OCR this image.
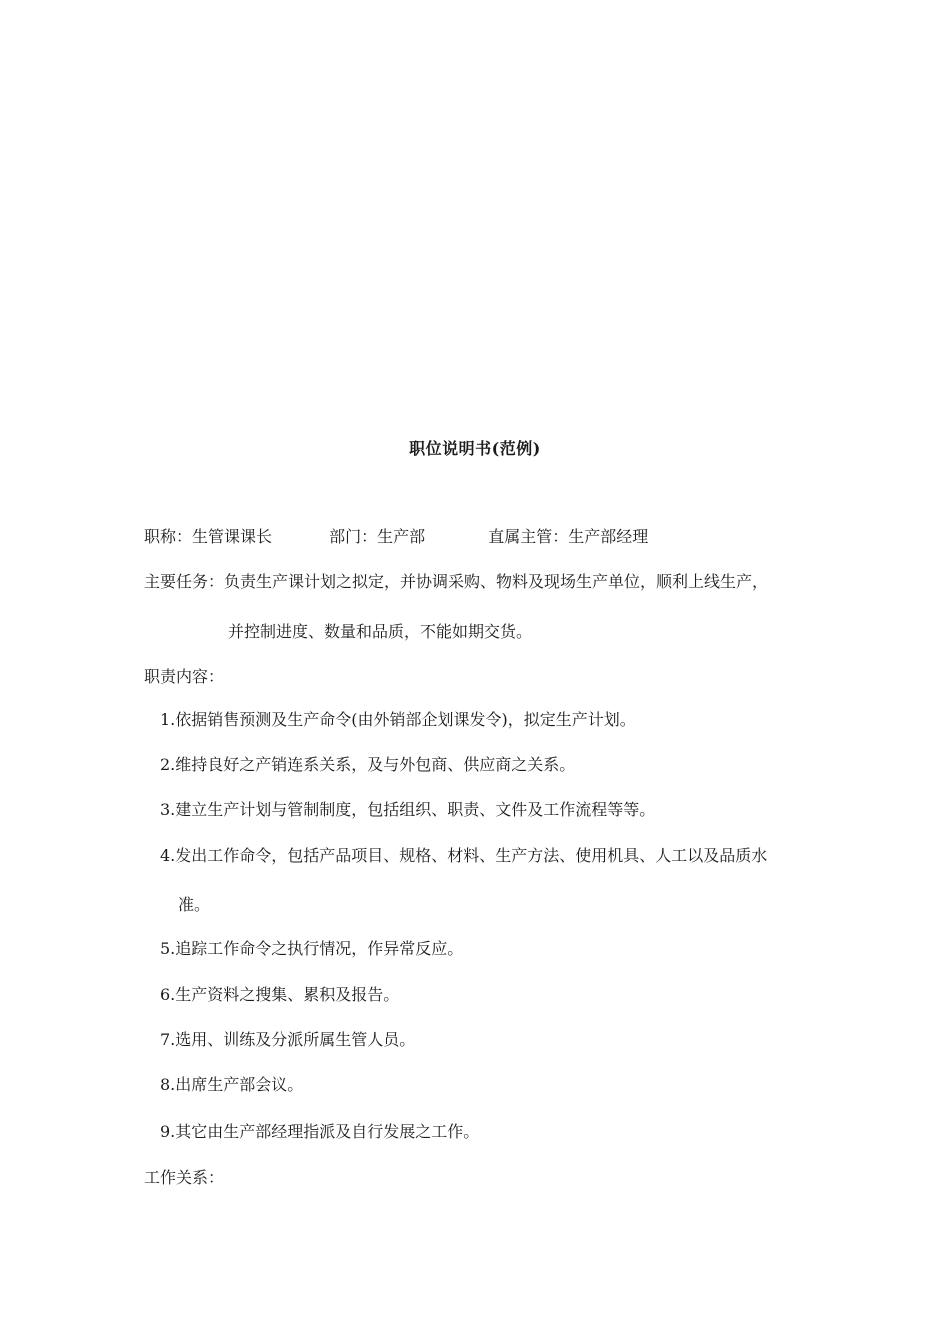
职位说明书(范例)
职称：生管课课长	部门：生产部	直属主管：生产部经理
主要任务：负责生产课计划之拟定，并协调采购、物料及现场生产单位，顺利上线生产，
并控制进度、数量和品质，不能如期交货。
职责内容：
1.依据销售预测及生产命令(由外销部企划课发令)，拟定生产计划。
2.维持良好之产销连系关系，及与外包商、供应商之关系。
3.建立生产计划与管制制度，包括组织、职责、文件及工作流程等等。
4.发出工作命令，包括产品项目、规格、材料、生产方法、使用机具、人工以及品质水
准。
5.追踪工作命令之执行情况，作异常反应。
6.生产资料之搜集、累积及报告。
7.选用、训练及分派所属生管人员。
8.出席生产部会议。
9.其它由生产部经理指派及自行发展之工作。
工作关系：
